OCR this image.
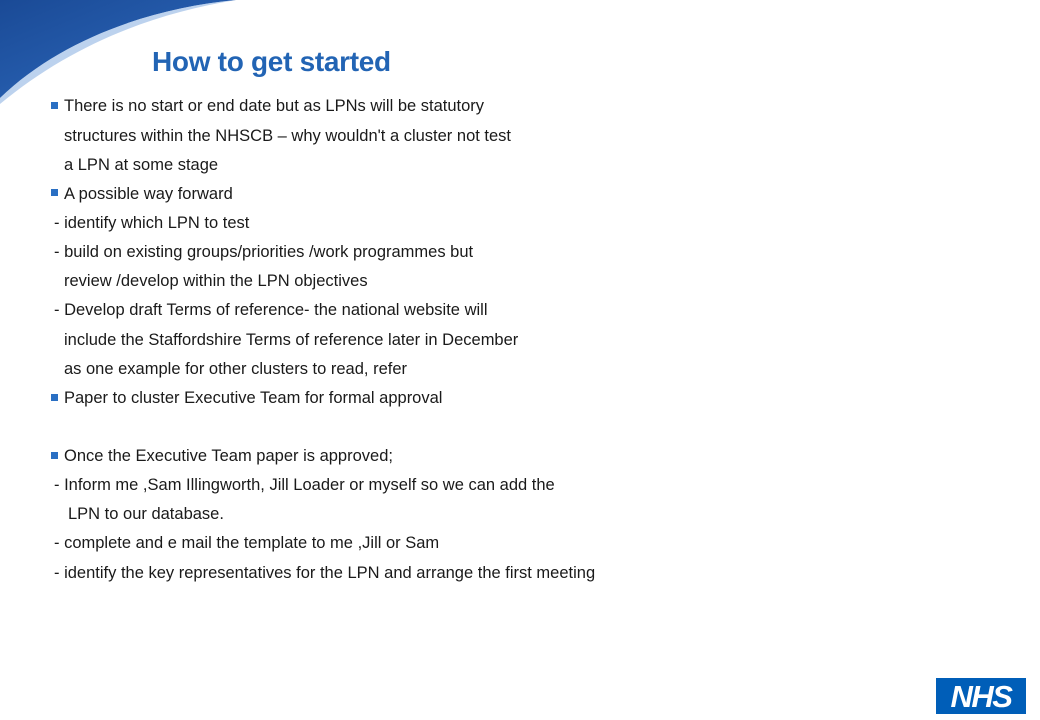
How to get started
There is no start or end date but as LPNs will be statutory
structures within the NHSCB – why wouldn't a cluster not test
a LPN at some stage
A possible way forward
- identify which LPN to test
- build on existing groups/priorities /work programmes but
review /develop within the LPN objectives
- Develop draft Terms of reference- the national website will
include the Staffordshire Terms of reference later in December
as one example for other clusters to read, refer
Paper to cluster Executive Team for formal approval
Once the Executive Team paper is approved;
- Inform me ,Sam Illingworth, Jill Loader or myself so we can add the
LPN to our database.
- complete and e mail the template to me ,Jill or Sam
- identify the key representatives for the LPN and arrange the first meeting
NHS
